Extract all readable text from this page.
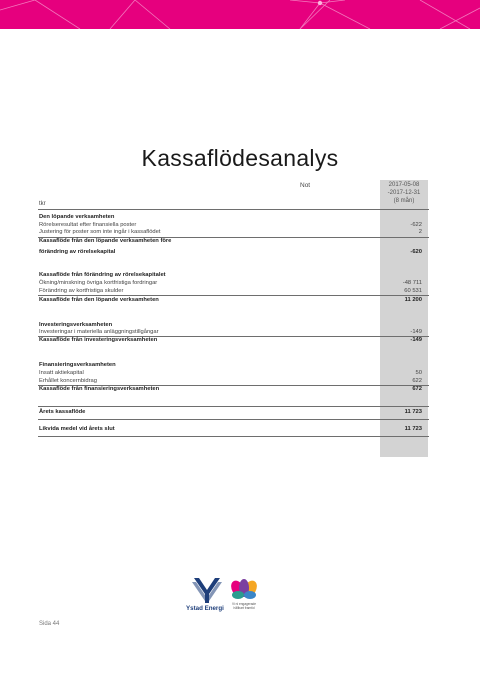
Kassaflödesanalys
Not	2017-05-08
-2017-12-31
(8 mån)
tkr
Den löpande verksamheten
Rörelseresultat efter finansiella poster	-622
Justering för poster som inte ingår i kassaflödet	2
Kassaflöde från den löpande verksamheten före
förändring av rörelsekapital	-620
Kassaflöde från förändring av rörelsekapitalet
Ökning/minskning övriga kortfristiga fordringar	-48 711
Förändring av kortfristiga skulder	60 531
Kassaflöde från den löpande verksamheten	11 200
Investeringsverksamheten
Investeringar i materiella anläggningstillgångar	-149
Kassaflöde från investeringsverksamheten	-149
Finansieringsverksamheten
Insatt aktiekapital	50
Erhållet koncernbidrag	622
Kassaflöde från finansieringsverksamheten	672
Årets kassaflöde	11 723
Likvida medel vid årets slut	11 723
Ystad Energi
Vi ni engagerade
hållbart framtid
Sida 44
